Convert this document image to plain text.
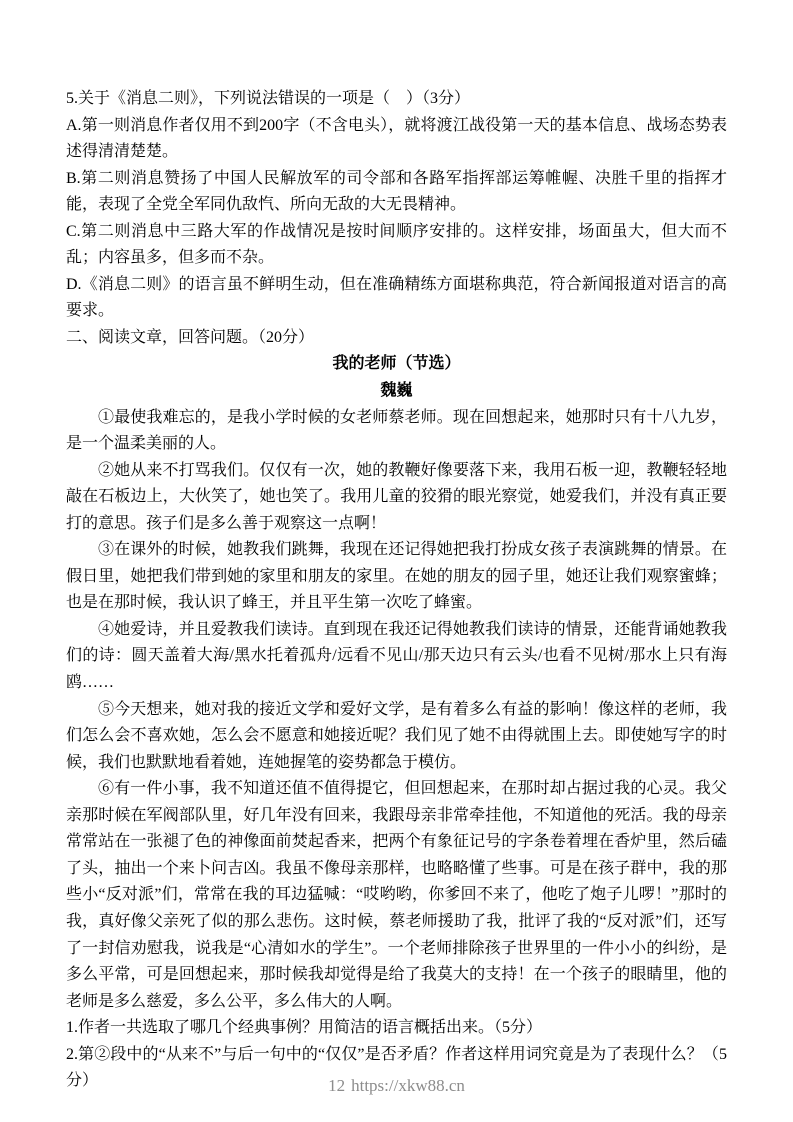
5.关于《消息二则》，下列说法错误的一项是（　）（3分）

A.第一则消息作者仅用不到200字（不含电头），就将渡江战役第一天的基本信息、战场态势表述得清清楚楚。

B.第二则消息赞扬了中国人民解放军的司令部和各路军指挥部运筹帷幄、决胜千里的指挥才能，表现了全党全军同仇敌忾、所向无敌的大无畏精神。

C.第二则消息中三路大军的作战情况是按时间顺序安排的。这样安排，场面虽大，但大而不乱；内容虽多，但多而不杂。

D.《消息二则》的语言虽不鲜明生动，但在准确精练方面堪称典范，符合新闻报道对语言的高要求。

二、阅读文章，回答问题。（20分）

我的老师（节选）

魏巍

①最使我难忘的，是我小学时候的女老师蔡老师。现在回想起来，她那时只有十八九岁，是一个温柔美丽的人。

②她从来不打骂我们。仅仅有一次，她的教鞭好像要落下来，我用石板一迎，教鞭轻轻地敲在石板边上，大伙笑了，她也笑了。我用儿童的狡猾的眼光察觉，她爱我们，并没有真正要打的意思。孩子们是多么善于观察这一点啊！

③在课外的时候，她教我们跳舞，我现在还记得她把我打扮成女孩子表演跳舞的情景。在假日里，她把我们带到她的家里和朋友的家里。在她的朋友的园子里，她还让我们观察蜜蜂；也是在那时候，我认识了蜂王，并且平生第一次吃了蜂蜜。

④她爱诗，并且爱教我们读诗。直到现在我还记得她教我们读诗的情景，还能背诵她教我们的诗：圆天盖着大海/黑水托着孤舟/远看不见山/那天边只有云头/也看不见树/那水上只有海鸥……

⑤今天想来，她对我的接近文学和爱好文学，是有着多么有益的影响！像这样的老师，我们怎么会不喜欢她，怎么会不愿意和她接近呢？我们见了她不由得就围上去。即使她写字的时候，我们也默默地看着她，连她握笔的姿势都急于模仿。

⑥有一件小事，我不知道还值不值得提它，但回想起来，在那时却占据过我的心灵。我父亲那时候在军阀部队里，好几年没有回来，我跟母亲非常牵挂他，不知道他的死活。我的母亲常常站在一张褪了色的神像面前焚起香来，把两个有象征记号的字条卷着埋在香炉里，然后磕了头，抽出一个来卜问吉凶。我虽不像母亲那样，也略略懂了些事。可是在孩子群中，我的那些小“反对派”们，常常在我的耳边猛喊：“哎哟哟，你爹回不来了，他吃了炮子儿啰！”那时的我，真好像父亲死了似的那么悲伤。这时候，蔡老师援助了我，批评了我的“反对派”们，还写了一封信劝慰我，说我是“心清如水的学生”。一个老师排除孩子世界里的一件小小的纠纷，是多么平常，可是回想起来，那时候我却觉得是给了我莫大的支持！在一个孩子的眼睛里，他的老师是多么慈爱，多么公平，多么伟大的人啊。

1.作者一共选取了哪几个经典事例？用简洁的语言概括出来。（5分）

2.第②段中的“从来不”与后一句中的“仅仅”是否矛盾？作者这样用词究竟是为了表现什么？（5分）	12 https://xkw88.cn
